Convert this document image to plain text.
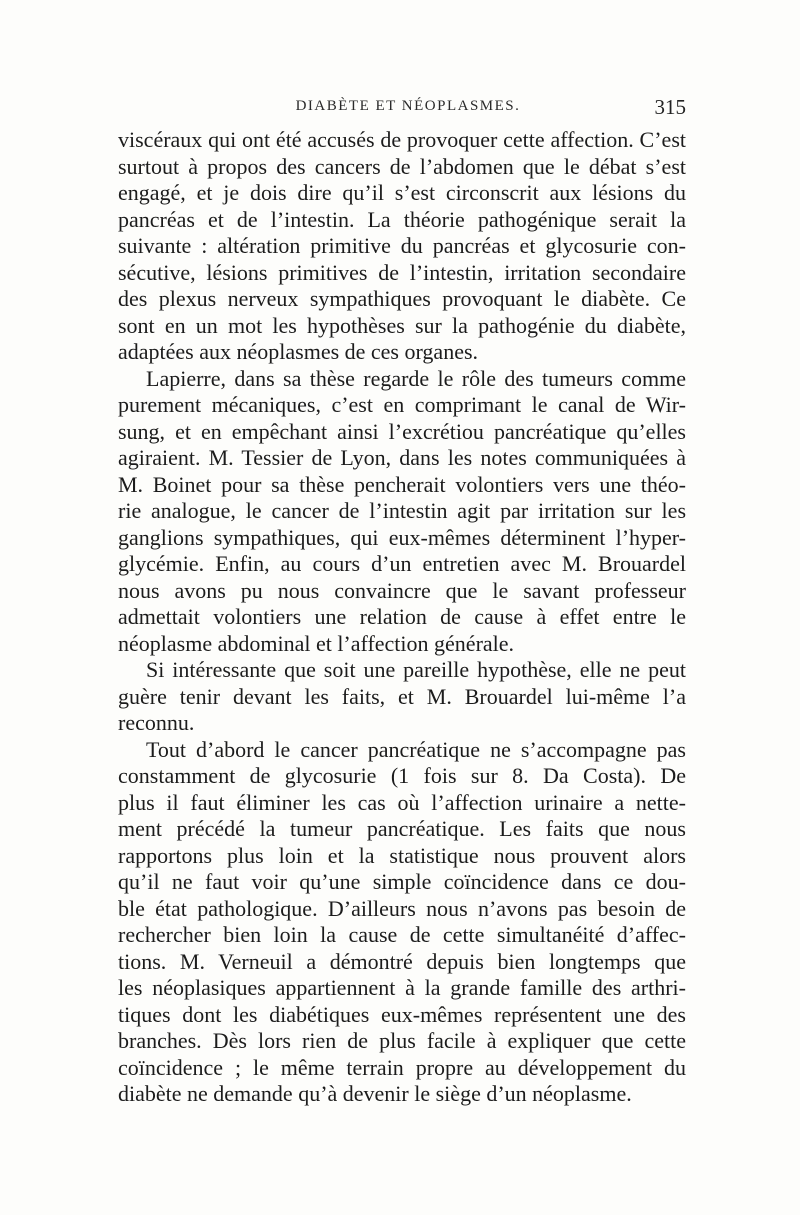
DIABÈTE ET NÉOPLASMES.	315
viscéraux qui ont été accusés de provoquer cette affection. C’est
surtout à propos des cancers de l’abdomen que le débat s’est
engagé, et je dois dire qu’il s’est circonscrit aux lésions du
pancréas et de l’intestin. La théorie pathogénique serait la
suivante : altération primitive du pancréas et glycosurie con-
sécutive, lésions primitives de l’intestin, irritation secondaire
des plexus nerveux sympathiques provoquant le diabète. Ce
sont en un mot les hypothèses sur la pathogénie du diabète,
adaptées aux néoplasmes de ces organes.
Lapierre, dans sa thèse regarde le rôle des tumeurs comme
purement mécaniques, c’est en comprimant le canal de Wir-
sung, et en empêchant ainsi l’excrétiou pancréatique qu’elles
agiraient. M. Tessier de Lyon, dans les notes communiquées à
M. Boinet pour sa thèse pencherait volontiers vers une théo-
rie analogue, le cancer de l’intestin agit par irritation sur les
ganglions sympathiques, qui eux-mêmes déterminent l’hyper-
glycémie. Enfin, au cours d’un entretien avec M. Brouardel
nous avons pu nous convaincre que le savant professeur
admettait volontiers une relation de cause à effet entre le
néoplasme abdominal et l’affection générale.
Si intéressante que soit une pareille hypothèse, elle ne peut
guère tenir devant les faits, et M. Brouardel lui-même l’a
reconnu.
Tout d’abord le cancer pancréatique ne s’accompagne pas
constamment de glycosurie (1 fois sur 8. Da Costa). De
plus il faut éliminer les cas où l’affection urinaire a nette-
ment précédé la tumeur pancréatique. Les faits que nous
rapportons plus loin et la statistique nous prouvent alors
qu’il ne faut voir qu’une simple coïncidence dans ce dou-
ble état pathologique. D’ailleurs nous n’avons pas besoin de
rechercher bien loin la cause de cette simultanéité d’affec-
tions. M. Verneuil a démontré depuis bien longtemps que
les néoplasiques appartiennent à la grande famille des arthri-
tiques dont les diabétiques eux-mêmes représentent une des
branches. Dès lors rien de plus facile à expliquer que cette
coïncidence ; le même terrain propre au développement du
diabète ne demande qu’à devenir le siège d’un néoplasme.
